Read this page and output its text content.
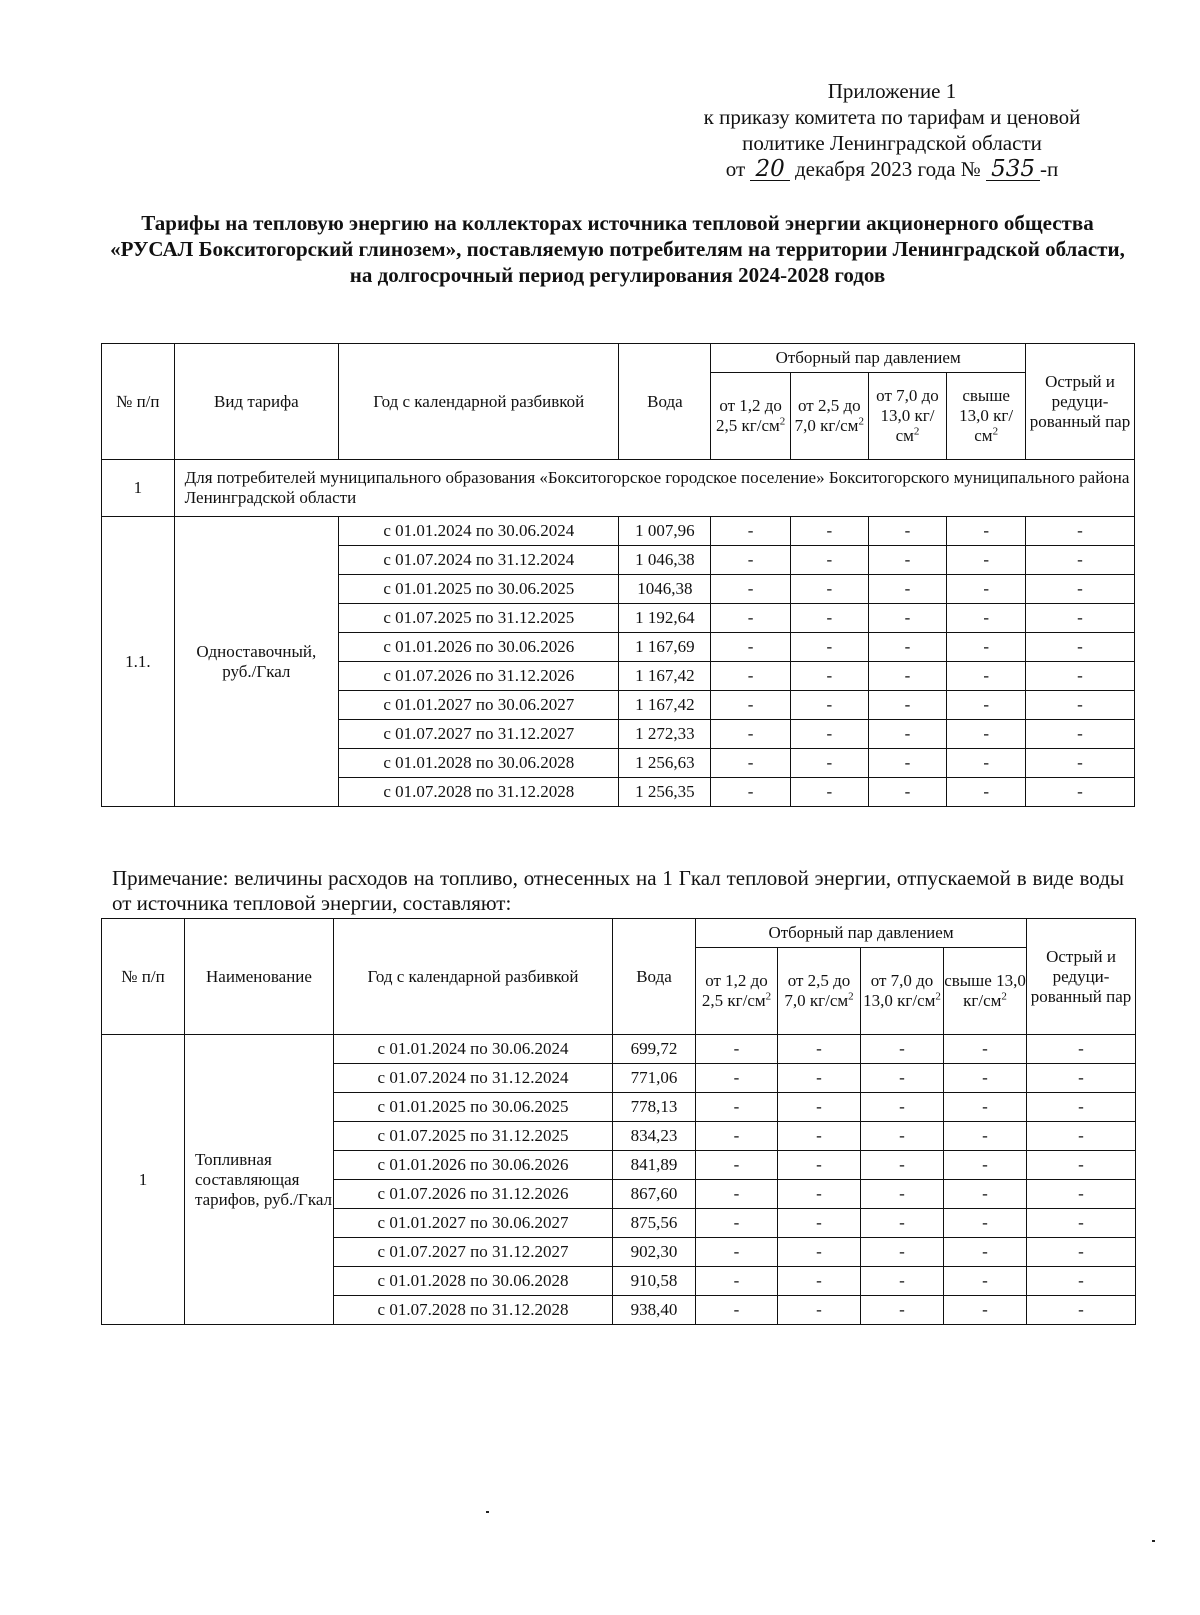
Приложение 1
к приказу комитета по тарифам и ценовой
политике Ленинградской области
от 20 декабря 2023 года № 535 -п
Тарифы на тепловую энергию на коллекторах источника тепловой энергии акционерного общества «РУСАЛ Бокситогорский глинозем», поставляемую потребителям на территории Ленинградской области, на долгосрочный период регулирования 2024-2028 годов
№ п/п	Вид тарифа	Год с календарной разбивкой	Вода	Отборный пар давлением				Острый и редуци-рованный пар
				от 1,2 до 2,5 $кг/см^2$	от 2,5 до 7,0 $кг/см^2$	от 7,0 до 13,0 $кг/см^2$	свыше 13,0 $кг/см^2$
1	Для потребителей муниципального образования «Бокситогорское городское поселение» Бокситогорского муниципального района Ленинградской области							
1.1.	Одноставочный, руб./Гкал	с 01.01.2024 по 30.06.2024	1 007,96	-	-	-	-	-
		с 01.07.2024 по 31.12.2024	1 046,38	-	-	-	-	-
		с 01.01.2025 по 30.06.2025	1046,38	-	-	-	-	-
		с 01.07.2025 по 31.12.2025	1 192,64	-	-	-	-	-
		с 01.01.2026 по 30.06.2026	1 167,69	-	-	-	-	-
		с 01.07.2026 по 31.12.2026	1 167,42	-	-	-	-	-
		с 01.01.2027 по 30.06.2027	1 167,42	-	-	-	-	-
		с 01.07.2027 по 31.12.2027	1 272,33	-	-	-	-	-
		с 01.01.2028 по 30.06.2028	1 256,63	-	-	-	-	-
		с 01.07.2028 по 31.12.2028	1 256,35	-	-	-	-	-
Примечание: величины расходов на топливо, отнесенных на 1 Гкал тепловой энергии, отпускаемой в виде воды от источника тепловой энергии, составляют:
№ п/п	Наименование	Год с календарной разбивкой	Вода	Отборный пар давлением				Острый и редуци-рованный пар
				от 1,2 до 2,5 $кг/см^2$	от 2,5 до 7,0 $кг/см^2$	от 7,0 до 13,0 $кг/см^2$	свыше 13,0 $кг/см^2$
1	Топливная составляющая тарифов, руб./Гкал	с 01.01.2024 по 30.06.2024	699,72	-	-	-	-	-
		с 01.07.2024 по 31.12.2024	771,06	-	-	-	-	-
		с 01.01.2025 по 30.06.2025	778,13	-	-	-	-	-
		с 01.07.2025 по 31.12.2025	834,23	-	-	-	-	-
		с 01.01.2026 по 30.06.2026	841,89	-	-	-	-	-
		с 01.07.2026 по 31.12.2026	867,60	-	-	-	-	-
		с 01.01.2027 по 30.06.2027	875,56	-	-	-	-	-
		с 01.07.2027 по 31.12.2027	902,30	-	-	-	-	-
		с 01.01.2028 по 30.06.2028	910,58	-	-	-	-	-
		с 01.07.2028 по 31.12.2028	938,40	-	-	-	-	-
